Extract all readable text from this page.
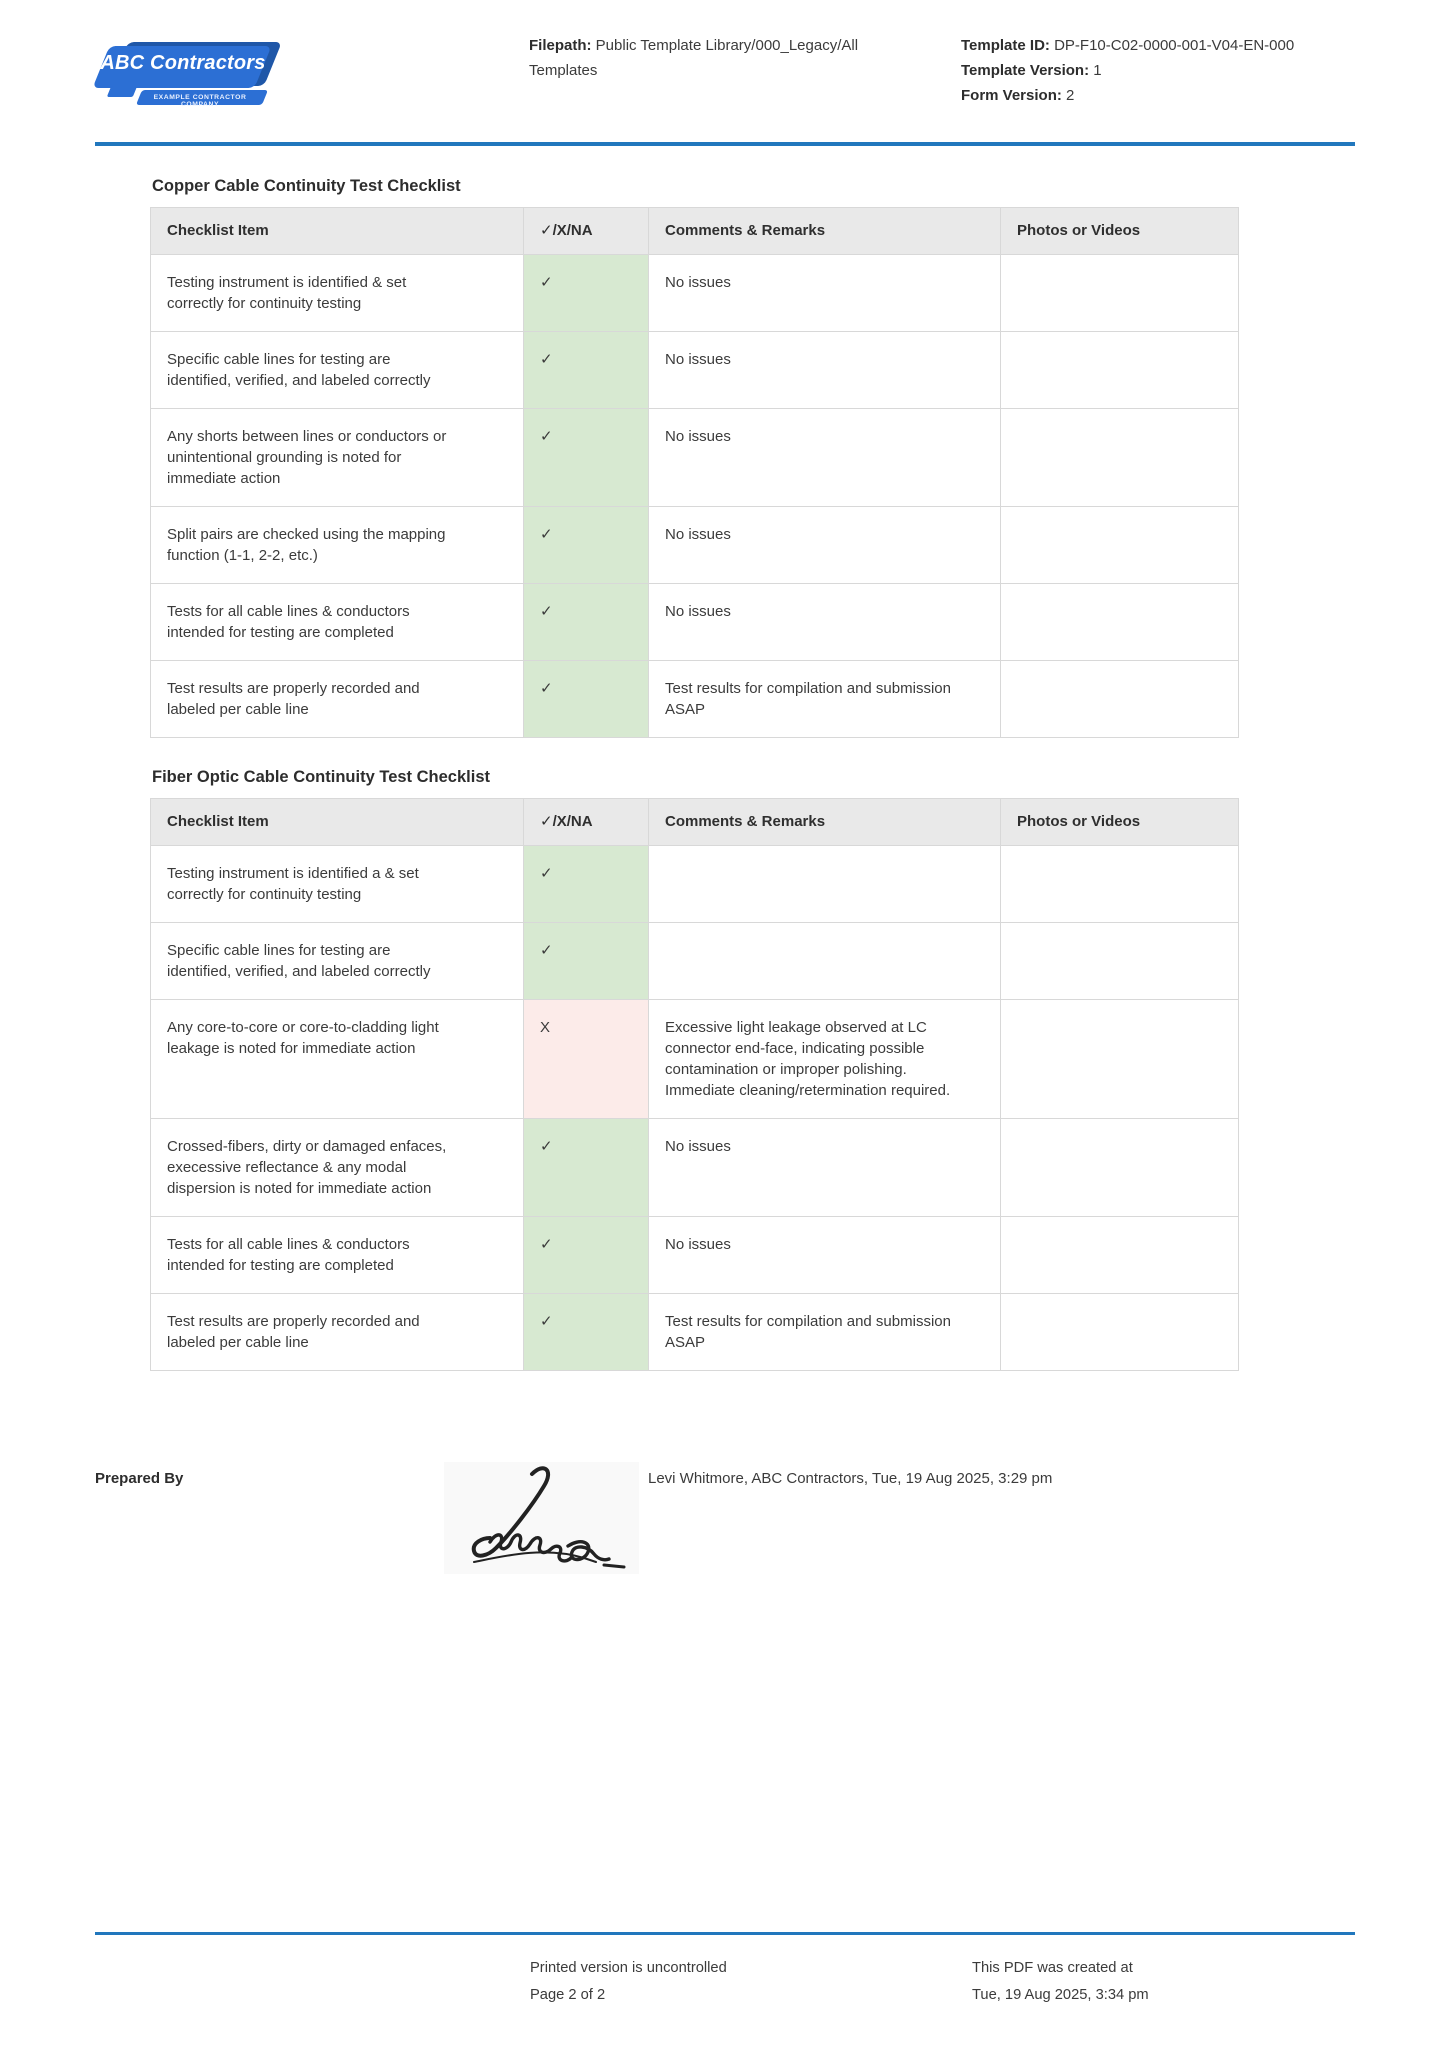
ABC Contractors
EXAMPLE CONTRACTOR COMPANY
Filepath: Public Template Library/000_Legacy/All Templates
Template ID: DP-F10-C02-0000-001-V04-EN-000
Template Version: 1
Form Version: 2
Copper Cable Continuity Test Checklist
Checklist Item	✓/X/NA	Comments & Remarks	Photos or Videos

Testing instrument is identified & set correctly for continuity testing	✓	No issues	

Specific cable lines for testing are identified, verified, and labeled correctly	✓	No issues	

Any shorts between lines or conductors or unintentional grounding is noted for immediate action	✓	No issues	

Split pairs are checked using the mapping function (1-1, 2-2, etc.)	✓	No issues	

Tests for all cable lines & conductors intended for testing are completed	✓	No issues	

Test results are properly recorded and labeled per cable line	✓	Test results for compilation and submission ASAP	

Fiber Optic Cable Continuity Test Checklist
Checklist Item	✓/X/NA	Comments & Remarks	Photos or Videos

Testing instrument is identified a & set correctly for continuity testing	✓		

Specific cable lines for testing are identified, verified, and labeled correctly	✓		

Any core-to-core or core-to-cladding light leakage is noted for immediate action	X	Excessive light leakage observed at LC connector end-face, indicating possible contamination or improper polishing. Immediate cleaning/retermination required.	

Crossed-fibers, dirty or damaged enfaces, execessive reflectance & any modal dispersion is noted for immediate action	✓	No issues	

Tests for all cable lines & conductors intended for testing are completed	✓	No issues	

Test results are properly recorded and labeled per cable line	✓	Test results for compilation and submission ASAP	

Prepared By	Levi Whitmore, ABC Contractors, Tue, 19 Aug 2025, 3:29 pm
Printed version is uncontrolled
Page 2 of 2
This PDF was created at
Tue, 19 Aug 2025, 3:34 pm
